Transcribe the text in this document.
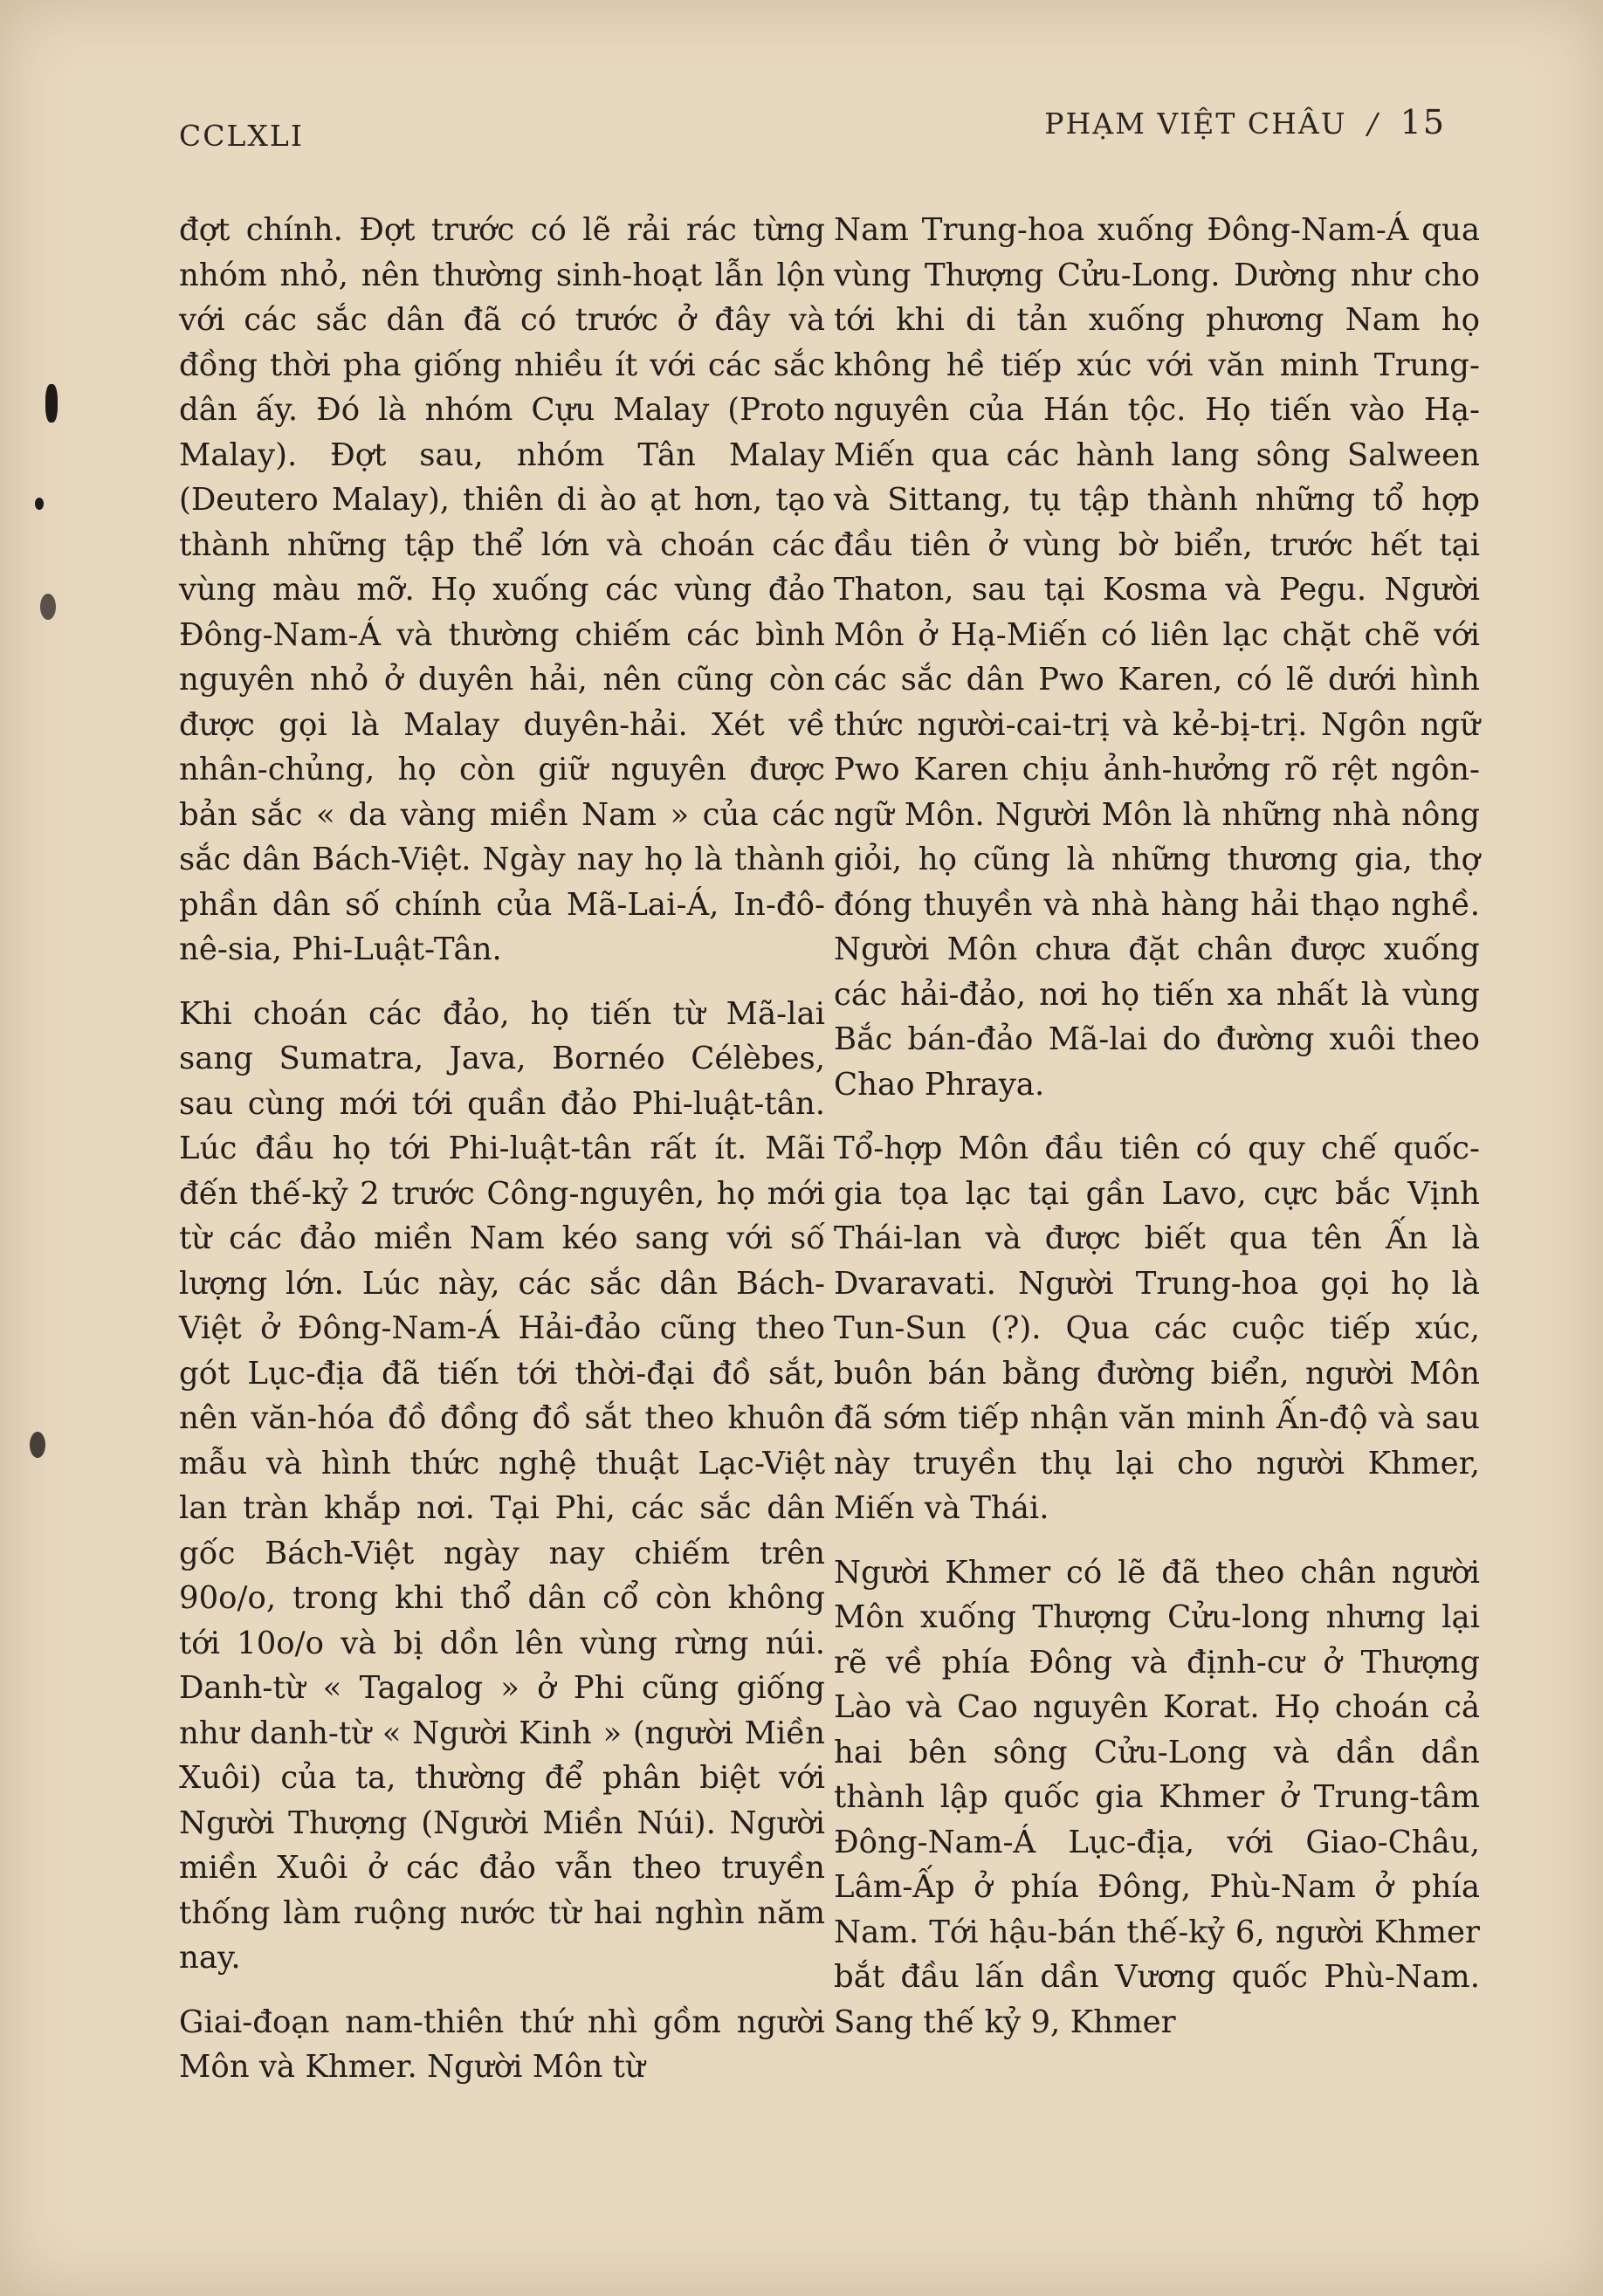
CCLXLI	PHẠM VIỆT CHÂU / 15

đợt chính. Đợt trước có lẽ rải rác từng nhóm nhỏ, nên thường sinh-hoạt lẫn lộn với các sắc dân đã có trước ở đây và đồng thời pha giống nhiều ít với các sắc dân ấy. Đó là nhóm Cựu Malay (Proto Malay). Đợt sau, nhóm Tân Malay (Deutero Malay), thiên di ào ạt hơn, tạo thành những tập thể lớn và choán các vùng màu mỡ. Họ xuống các vùng đảo Đông-Nam-Á và thường chiếm các bình nguyên nhỏ ở duyên hải, nên cũng còn được gọi là Malay duyên-hải. Xét về nhân-chủng, họ còn giữ nguyên được bản sắc « da vàng miền Nam » của các sắc dân Bách-Việt. Ngày nay họ là thành phần dân số chính của Mã-Lai-Á, In-đô-nê-sia, Phi-Luật-Tân.

Khi choán các đảo, họ tiến từ Mã-lai sang Sumatra, Java, Bornéo Célèbes, sau cùng mới tới quần đảo Phi-luật-tân. Lúc đầu họ tới Phi-luật-tân rất ít. Mãi đến thế-kỷ 2 trước Công-nguyên, họ mới từ các đảo miền Nam kéo sang với số lượng lớn. Lúc này, các sắc dân Bách-Việt ở Đông-Nam-Á Hải-đảo cũng theo gót Lục-địa đã tiến tới thời-đại đồ sắt, nên văn-hóa đồ đồng đồ sắt theo khuôn mẫu và hình thức nghệ thuật Lạc-Việt lan tràn khắp nơi. Tại Phi, các sắc dân gốc Bách-Việt ngày nay chiếm trên 90o/o, trong khi thổ dân cổ còn không tới 10o/o và bị dồn lên vùng rừng núi. Danh-từ « Tagalog » ở Phi cũng giống như danh-từ « Người Kinh » (người Miền Xuôi) của ta, thường để phân biệt với Người Thượng (Người Miền Núi). Người miền Xuôi ở các đảo vẫn theo truyền thống làm ruộng nước từ hai nghìn năm nay.

Giai-đoạn nam-thiên thứ nhì gồm người Môn và Khmer. Người Môn từ

Nam Trung-hoa xuống Đông-Nam-Á qua vùng Thượng Cửu-Long. Dường như cho tới khi di tản xuống phương Nam họ không hề tiếp xúc với văn minh Trung-nguyên của Hán tộc. Họ tiến vào Hạ-Miến qua các hành lang sông Salween và Sittang, tụ tập thành những tổ hợp đầu tiên ở vùng bờ biển, trước hết tại Thaton, sau tại Kosma và Pegu. Người Môn ở Hạ-Miến có liên lạc chặt chẽ với các sắc dân Pwo Karen, có lẽ dưới hình thức người-cai-trị và kẻ-bị-trị. Ngôn ngữ Pwo Karen chịu ảnh-hưởng rõ rệt ngôn-ngữ Môn. Người Môn là những nhà nông giỏi, họ cũng là những thương gia, thợ đóng thuyền và nhà hàng hải thạo nghề. Người Môn chưa đặt chân được xuống các hải-đảo, nơi họ tiến xa nhất là vùng Bắc bán-đảo Mã-lai do đường xuôi theo Chao Phraya.

Tổ-hợp Môn đầu tiên có quy chế quốc-gia tọa lạc tại gần Lavo, cực bắc Vịnh Thái-lan và được biết qua tên Ấn là Dvaravati. Người Trung-hoa gọi họ là Tun-Sun (?). Qua các cuộc tiếp xúc, buôn bán bằng đường biển, người Môn đã sớm tiếp nhận văn minh Ấn-độ và sau này truyền thụ lại cho người Khmer, Miến và Thái.

Người Khmer có lẽ đã theo chân người Môn xuống Thượng Cửu-long nhưng lại rẽ về phía Đông và định-cư ở Thượng Lào và Cao nguyên Korat. Họ choán cả hai bên sông Cửu-Long và dần dần thành lập quốc gia Khmer ở Trung-tâm Đông-Nam-Á Lục-địa, với Giao-Châu, Lâm-Ấp ở phía Đông, Phù-Nam ở phía Nam. Tới hậu-bán thế-kỷ 6, người Khmer bắt đầu lấn dần Vương quốc Phù-Nam. Sang thế kỷ 9, Khmer
